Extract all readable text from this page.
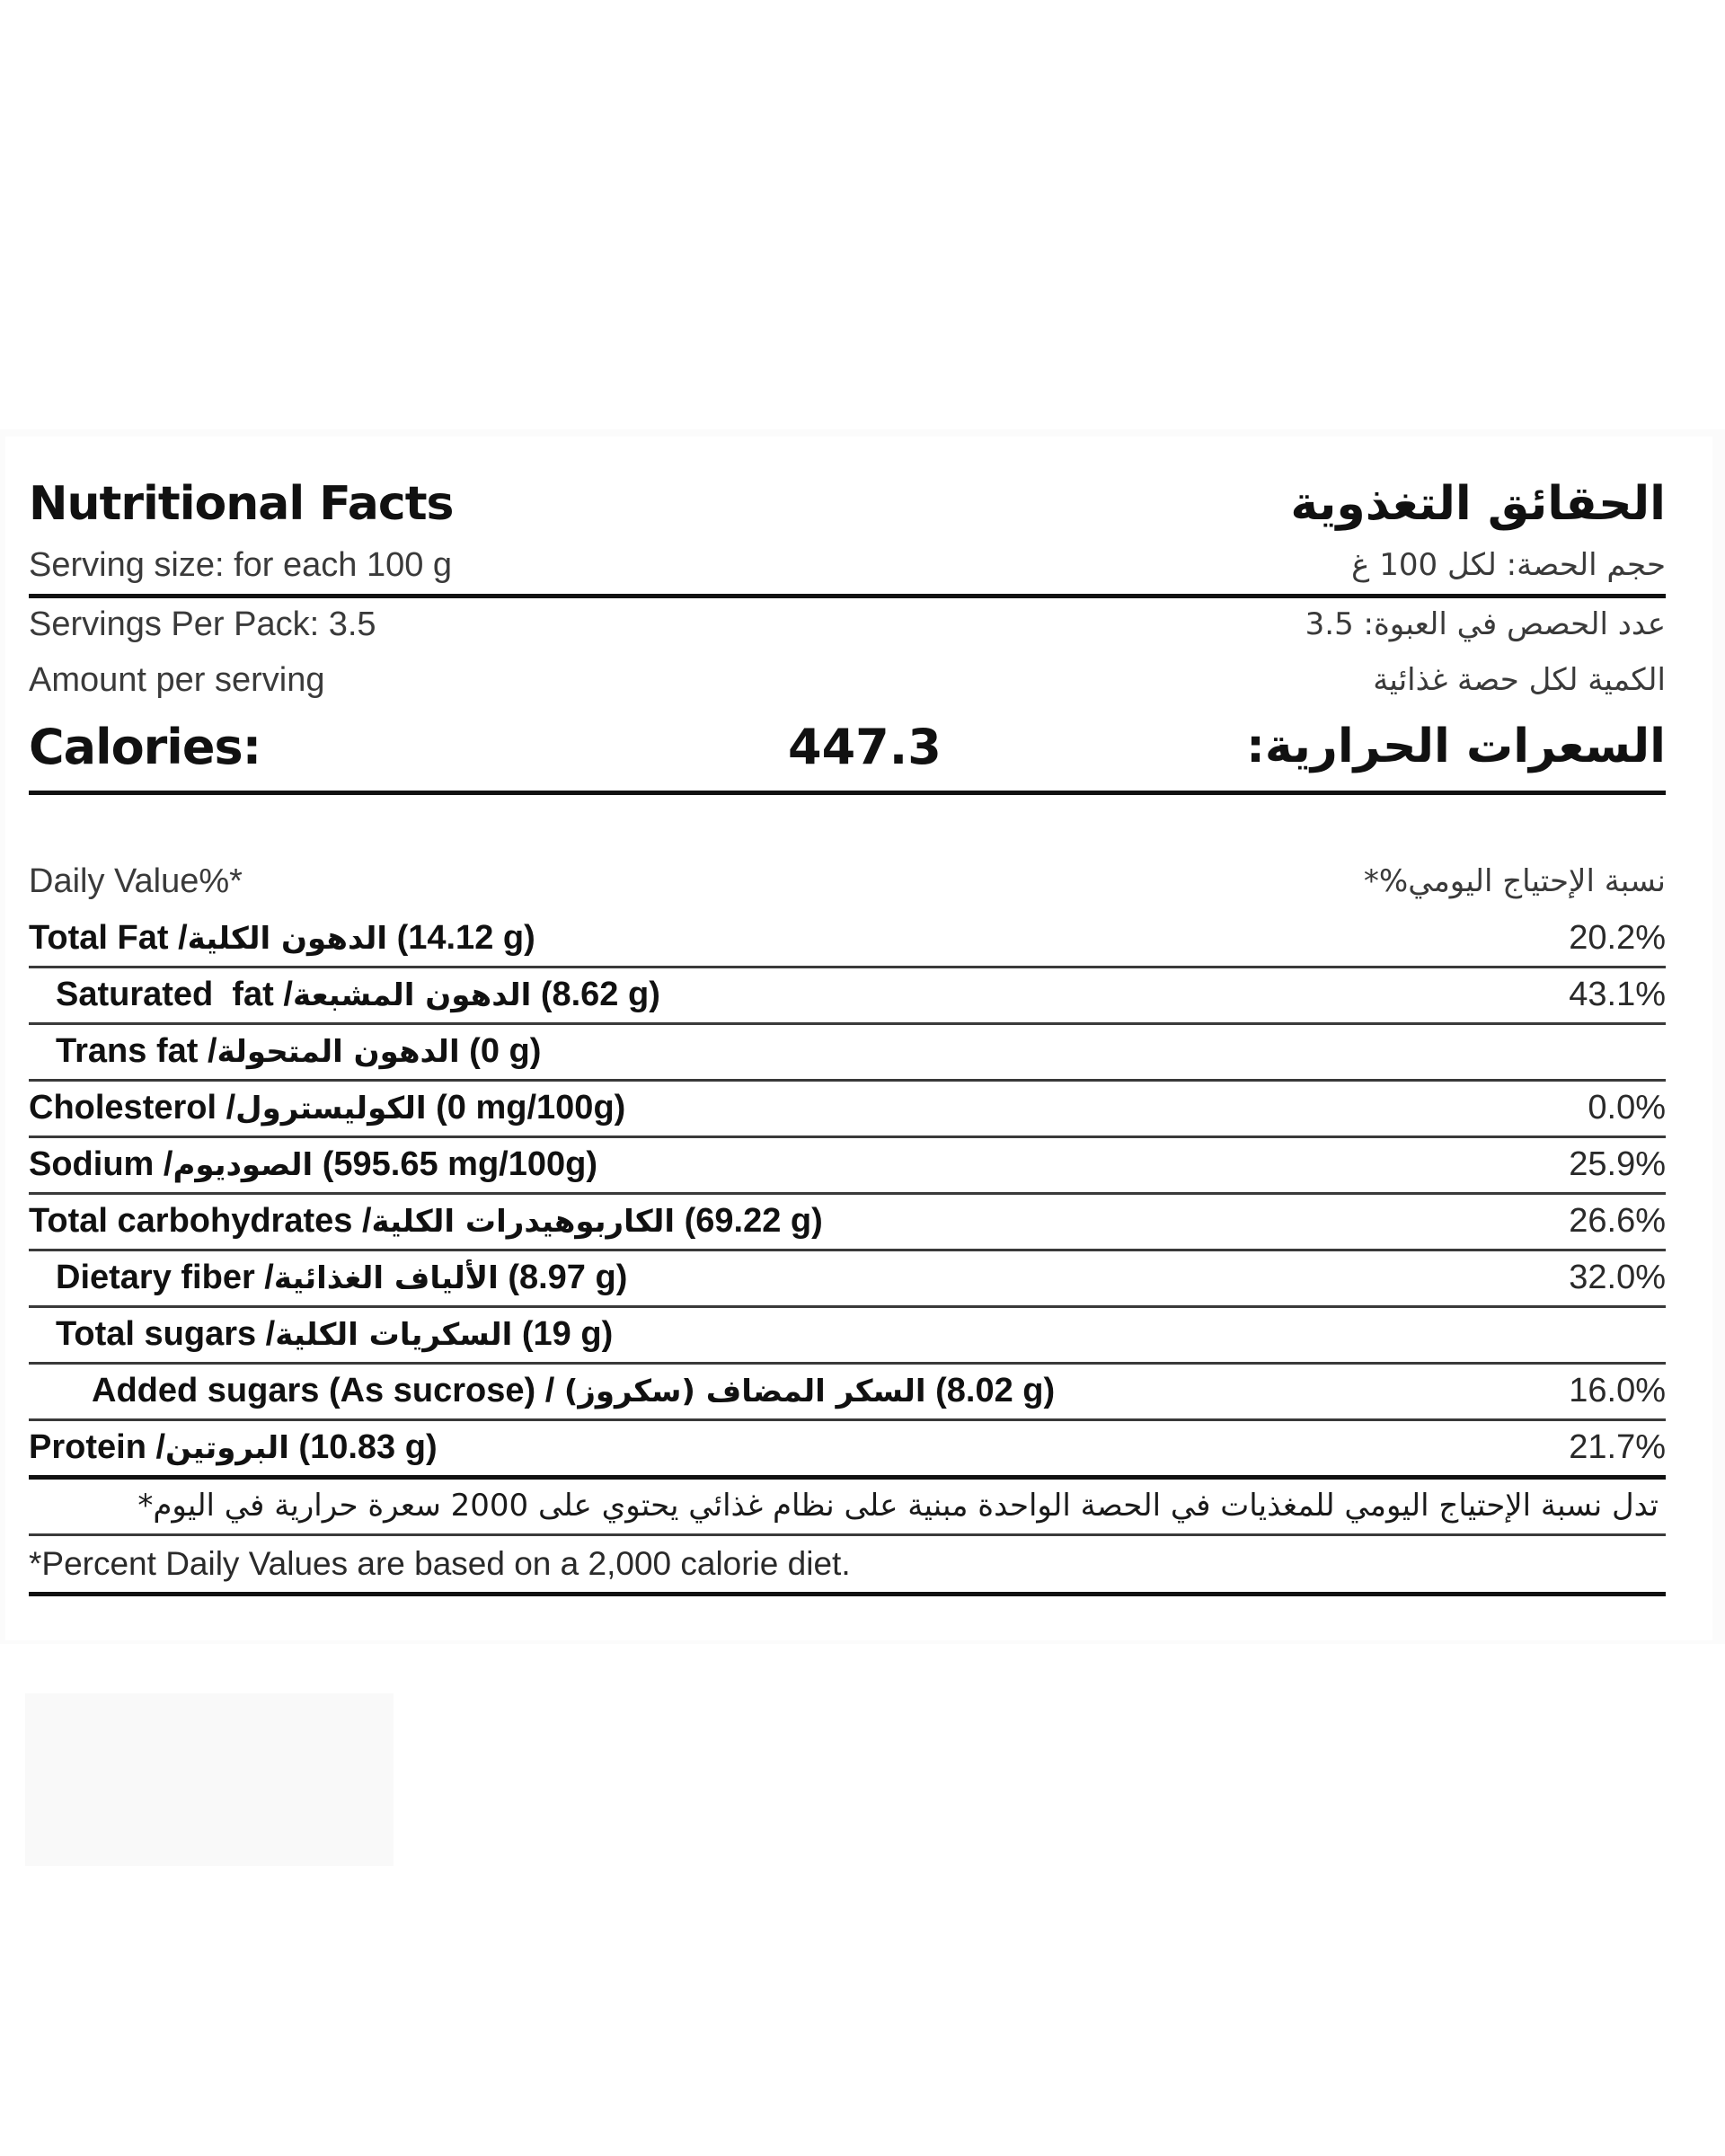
Nutritional Facts	الحقائق التغذوية
Serving size: for each 100 g	حجم الحصة: لكل 100 غ
Servings Per Pack: 3.5	عدد الحصص في العبوة: 3.5
Amount per serving	الكمية لكل حصة غذائية
Calories:	447.3	السعرات الحرارية:
Daily Value%*	نسبة الإحتياج اليومي%*
Total Fat /الدهون الكلية (14.12 g)	20.2%
Saturated  fat /الدهون المشبعة (8.62 g)	43.1%
Trans fat /الدهون المتحولة (0 g)
Cholesterol /الكوليسترول (0 mg/100g)	0.0%
Sodium /الصوديوم (595.65 mg/100g)	25.9%
Total carbohydrates /الكاربوهيدرات الكلية (69.22 g)	26.6%
Dietary fiber /الألياف الغذائية (8.97 g)	32.0%
Total sugars /السكريات الكلية (19 g)
Added sugars (As sucrose) / السكر المضاف (سكروز) (8.02 g)	16.0%
Protein /البروتين (10.83 g)	21.7%
تدل نسبة الإحتياج اليومي للمغذيات في الحصة الواحدة مبنية على نظام غذائي يحتوي على 2000 سعرة حرارية في اليوم*
*Percent Daily Values are based on a 2,000 calorie diet.
